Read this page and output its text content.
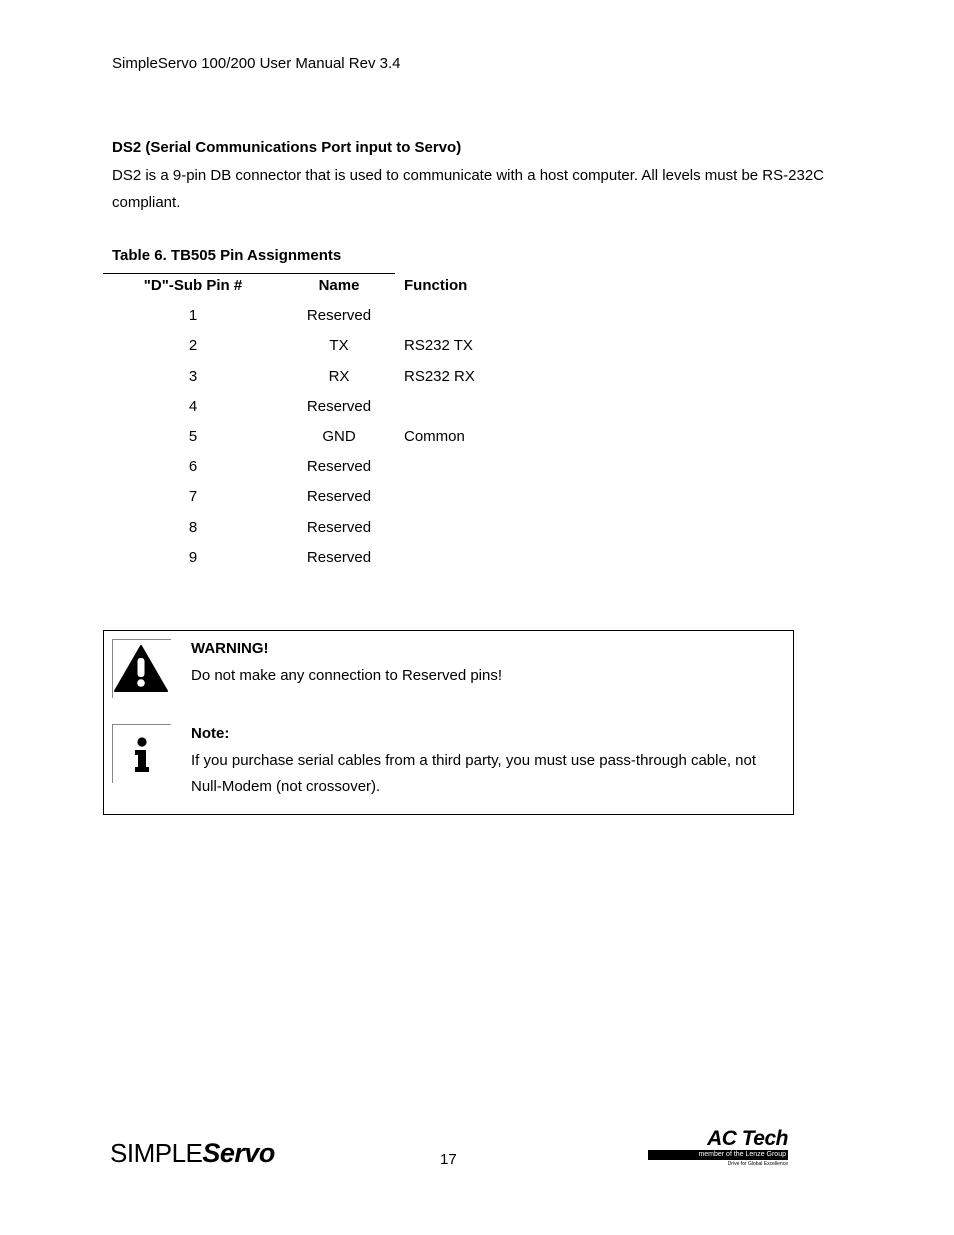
SimpleServo 100/200 User Manual Rev 3.4
DS2 (Serial Communications Port input to Servo)
DS2 is a 9-pin DB connector that is used to communicate with a host computer. All levels must be RS-232C compliant.
Table 6. TB505 Pin Assignments
"D"-Sub Pin #	Name	Function
1	Reserved
2	TX	RS232 TX
3	RX	RS232 RX
4	Reserved
5	GND	Common
6	Reserved
7	Reserved
8	Reserved
9	Reserved
WARNING!
Do not make any connection to Reserved pins!
Note:
If you purchase serial cables from a third party, you must use pass-through cable, not Null-Modem (not crossover).
SIMPLEServo	17
AC Tech
member of the Lenze Group
Drive for Global Excellence
